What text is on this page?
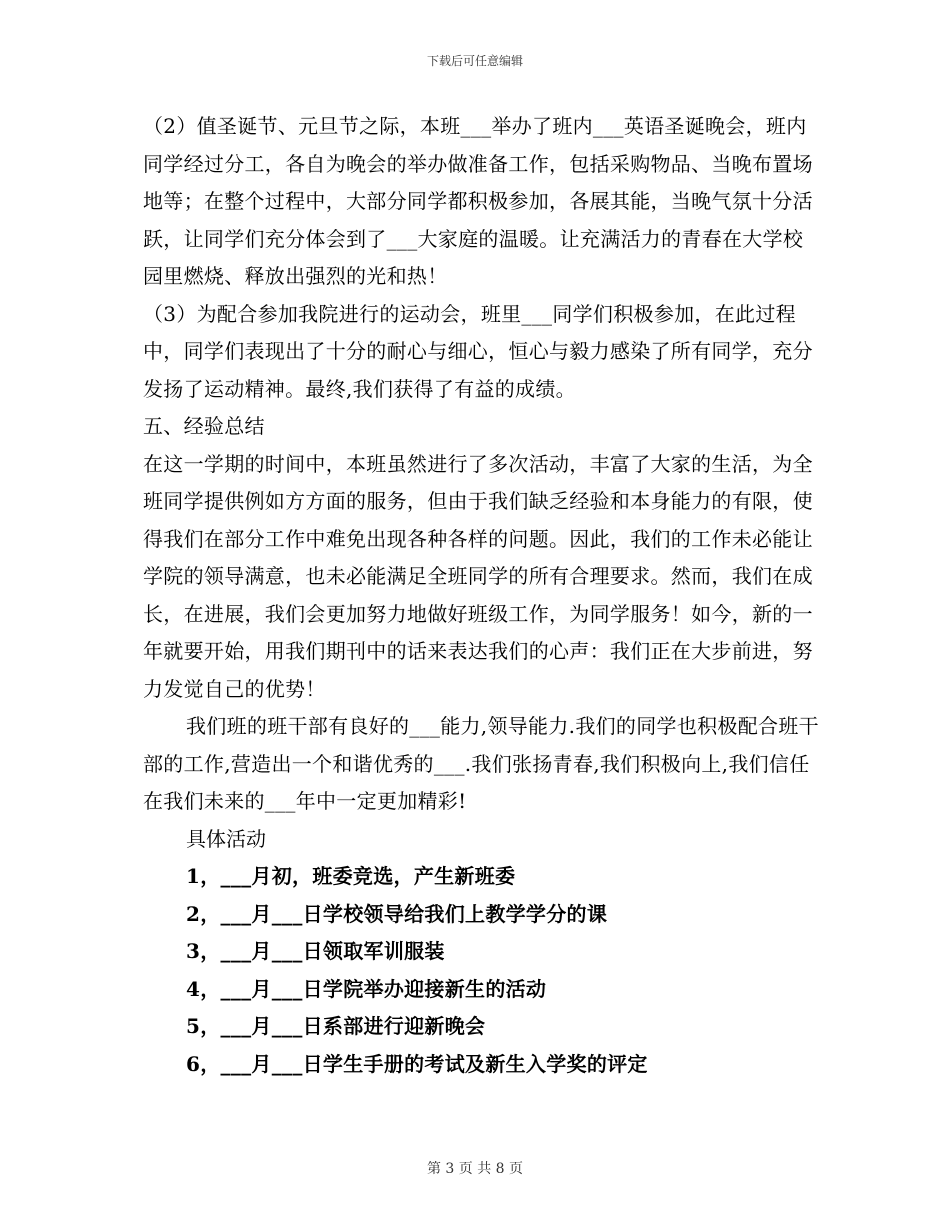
下载后可任意编辑

（2）值圣诞节、元旦节之际，本班___举办了班内___英语圣诞晚会，班内同学经过分工，各自为晚会的举办做准备工作，包括采购物品、当晚布置场地等；在整个过程中，大部分同学都积极参加，各展其能，当晚气氛十分活跃，让同学们充分体会到了___大家庭的温暖。让充满活力的青春在大学校园里燃烧、释放出强烈的光和热！

（3）为配合参加我院进行的运动会，班里___同学们积极参加，在此过程中，同学们表现出了十分的耐心与细心，恒心与毅力感染了所有同学，充分发扬了运动精神。最终,我们获得了有益的成绩。

五、经验总结

在这一学期的时间中，本班虽然进行了多次活动，丰富了大家的生活，为全班同学提供例如方方面的服务，但由于我们缺乏经验和本身能力的有限，使得我们在部分工作中难免出现各种各样的问题。因此，我们的工作未必能让学院的领导满意，也未必能满足全班同学的所有合理要求。然而，我们在成长，在进展，我们会更加努力地做好班级工作，为同学服务！如今，新的一年就要开始，用我们期刊中的话来表达我们的心声：我们正在大步前进，努力发觉自己的优势！

我们班的班干部有良好的___能力,领导能力.我们的同学也积极配合班干部的工作,营造出一个和谐优秀的___.我们张扬青春,我们积极向上,我们信任在我们未来的___年中一定更加精彩!

具体活动

1，___月初，班委竞选，产生新班委
2，___月___日学校领导给我们上教学学分的课
3，___月___日领取军训服装
4，___月___日学院举办迎接新生的活动
5，___月___日系部进行迎新晚会
6，___月___日学生手册的考试及新生入学奖的评定
第 3 页 共 8 页
